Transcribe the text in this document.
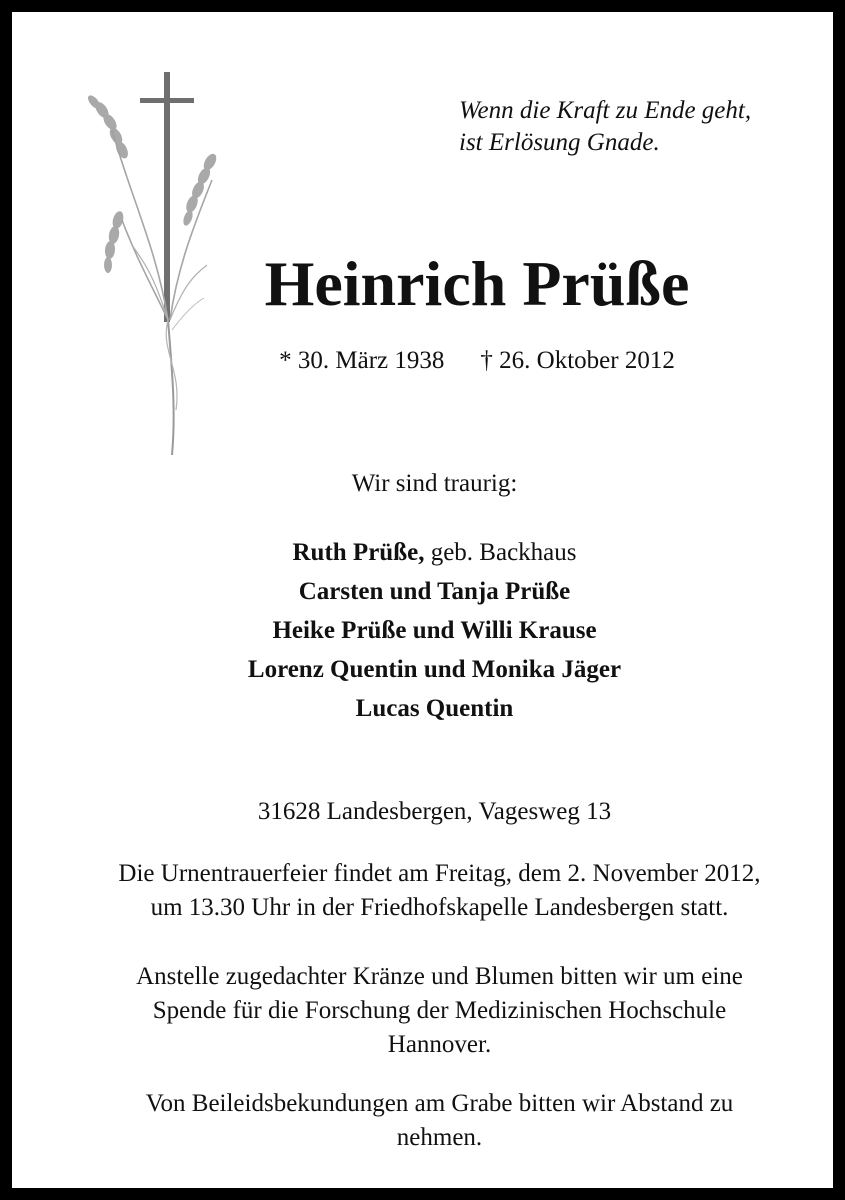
Wenn die Kraft zu Ende geht,
ist Erlösung Gnade.
Heinrich Prüße
* 30. März 1938 † 26. Oktober 2012
Wir sind traurig:
Ruth Prüße, geb. Backhaus
Carsten und Tanja Prüße
Heike Prüße und Willi Krause
Lorenz Quentin und Monika Jäger
Lucas Quentin
31628 Landesbergen, Vagesweg 13
Die Urnentrauerfeier findet am Freitag, dem 2. November 2012,
um 13.30 Uhr in der Friedhofskapelle Landesbergen statt.
Anstelle zugedachter Kränze und Blumen bitten wir um eine
Spende für die Forschung der Medizinischen Hochschule
Hannover.
Von Beileidsbekundungen am Grabe bitten wir Abstand zu
nehmen.
